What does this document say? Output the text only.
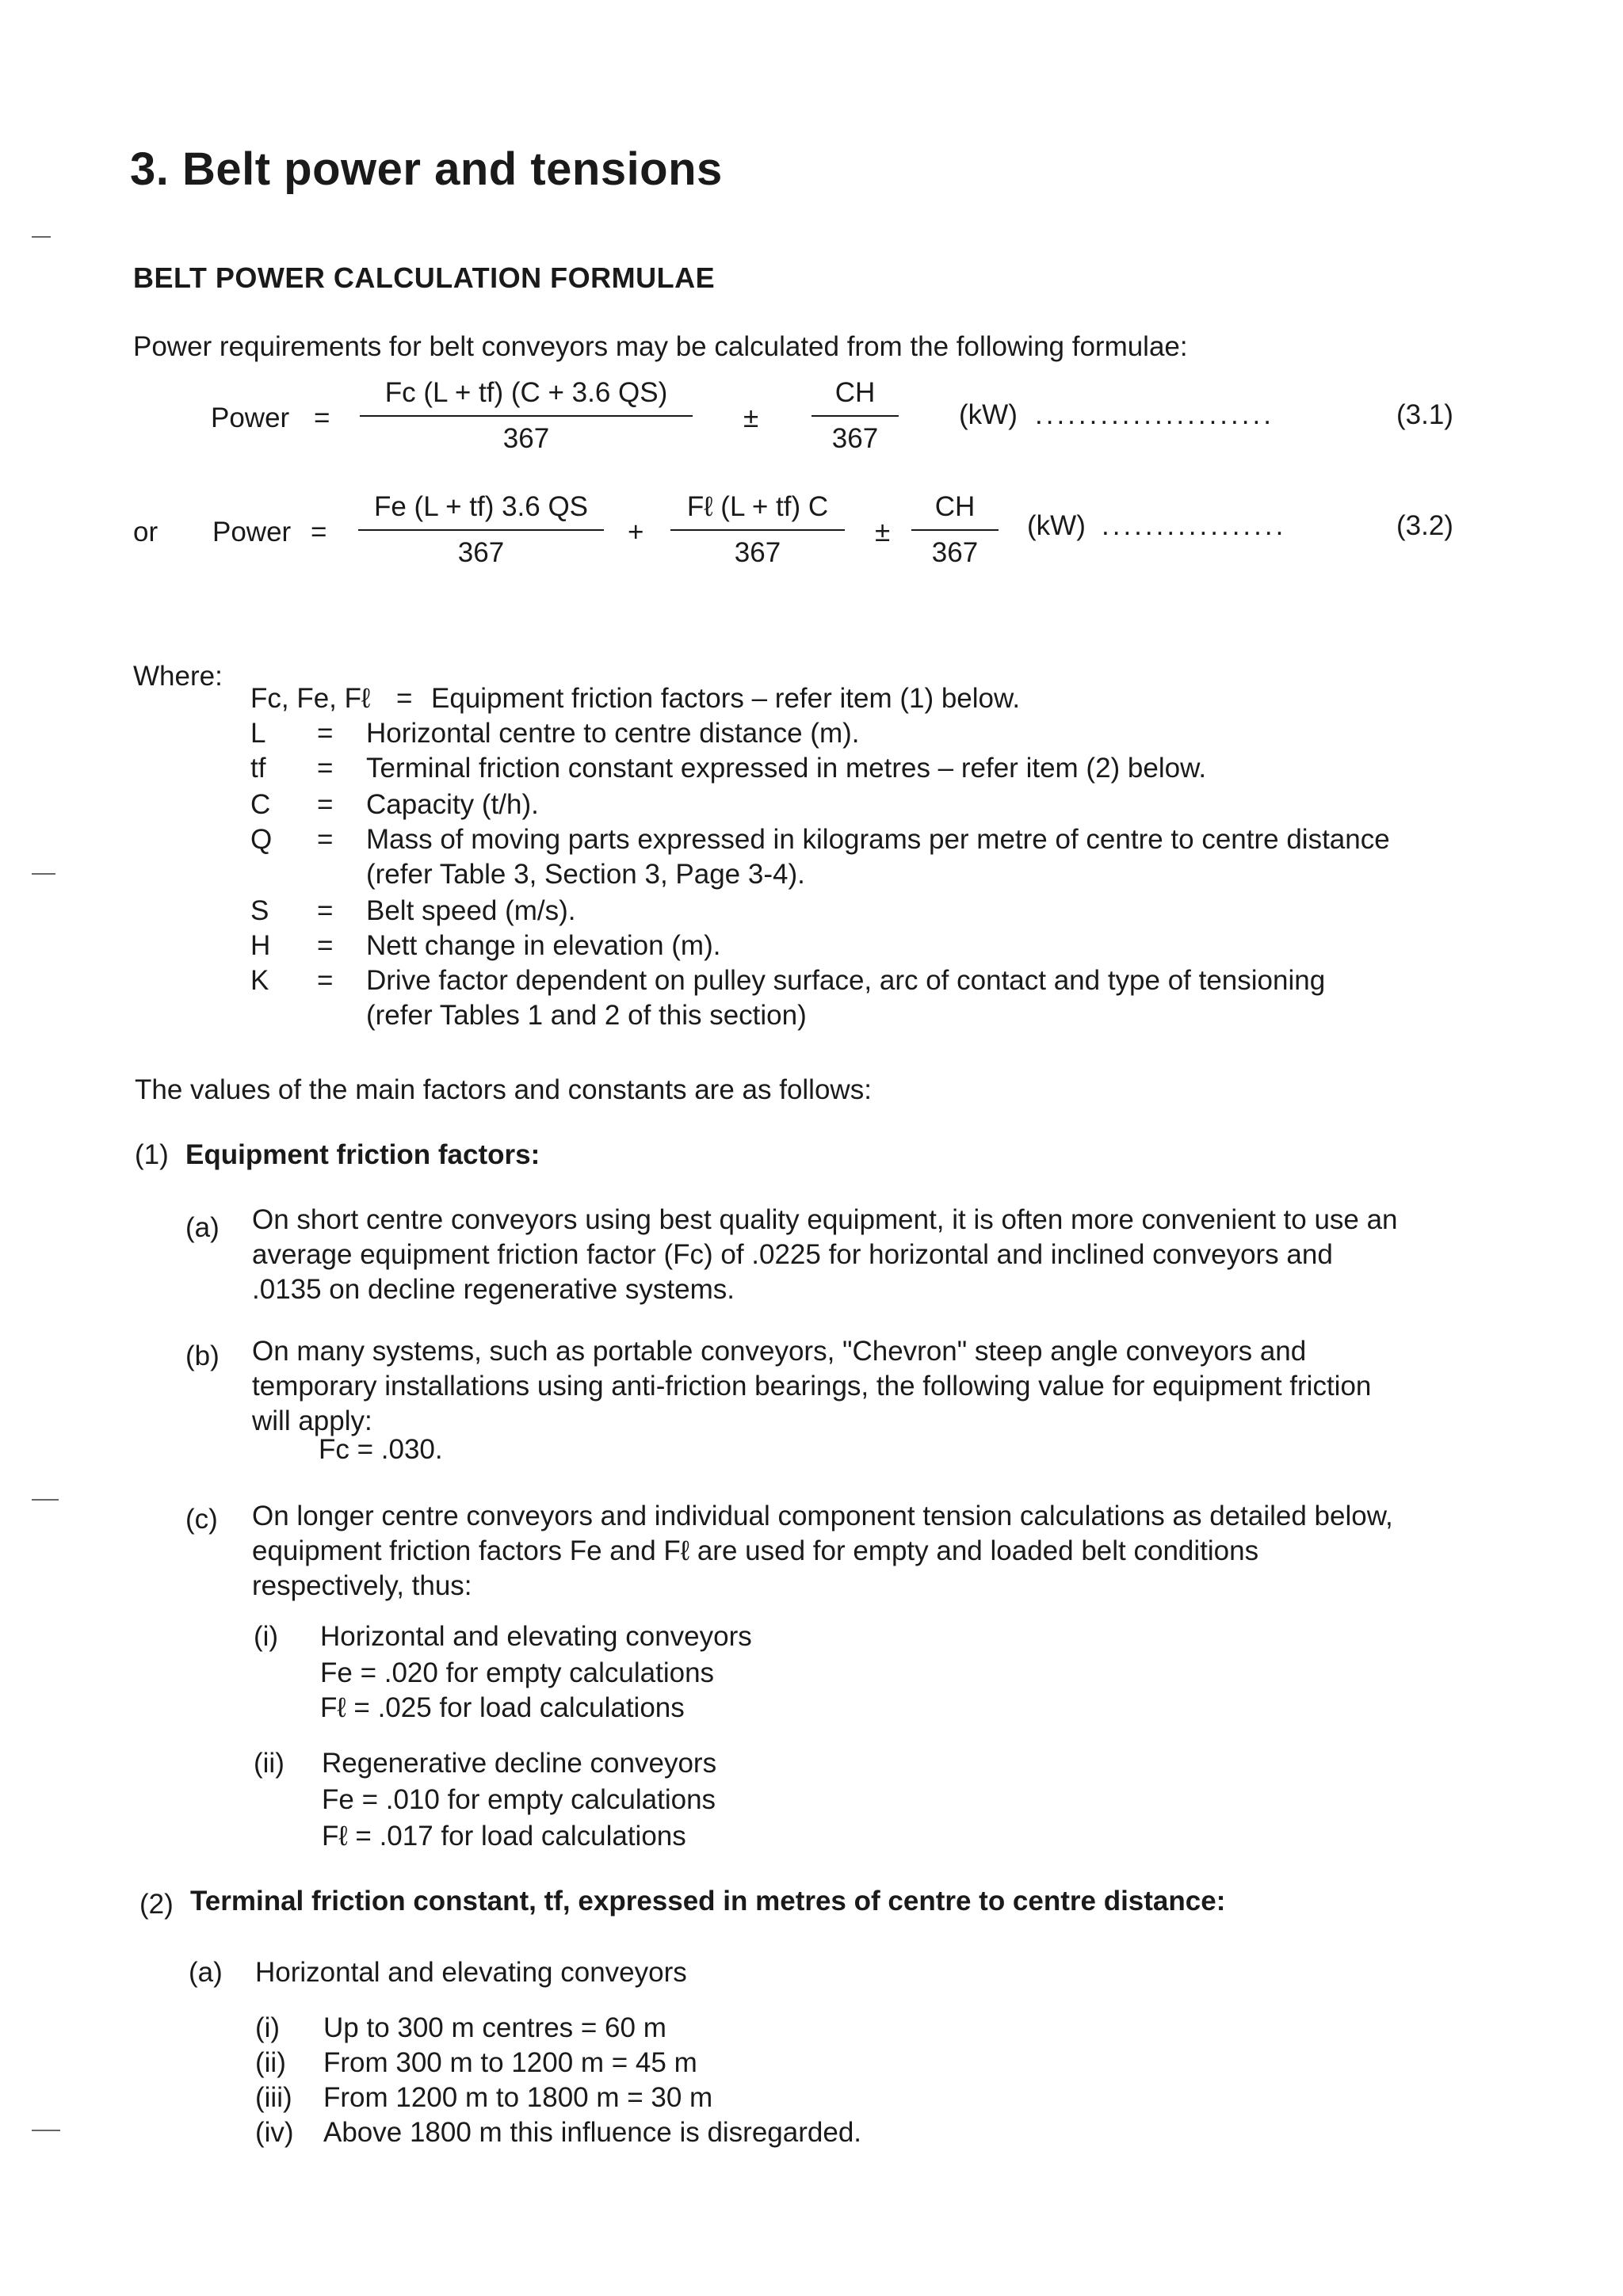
3. Belt power and tensions
BELT POWER CALCULATION FORMULAE
Power requirements for belt conveyors may be calculated from the following formulae:
Power = $\frac{Fc (L + tf) (C + 3.6 QS)}{367} \pm \frac{CH}{367} (kW)$ ......................	(3.1)
or Power = $\frac{Fe (L + tf) 3.6 QS}{367}$ +
Fℓ (L + tf) C
367
± $\frac{CH}{367} (kW)$ .................	(3.2)
Where:
Fc, Fe, Fℓ = Equipment friction factors – refer item (1) below.
L = Horizontal centre to centre distance (m).
tf = Terminal friction constant expressed in metres – refer item (2) below.
C = Capacity (t/h).
Q = Mass of moving parts expressed in kilograms per metre of centre to centre distance
(refer Table 3, Section 3, Page 3-4).
S = Belt speed (m/s).
H = Nett change in elevation (m).
K = Drive factor dependent on pulley surface, arc of contact and type of tensioning
(refer Tables 1 and 2 of this section)
The values of the main factors and constants are as follows:
(1) Equipment friction factors:
(a) On short centre conveyors using best quality equipment, it is often more convenient to use an
average equipment friction factor (Fc) of .0225 for horizontal and inclined conveyors and
.0135 on decline regenerative systems.
(b) On many systems, such as portable conveyors, "Chevron" steep angle conveyors and
temporary installations using anti-friction bearings, the following value for equipment friction
will apply:
Fc = .030.
(c) On longer centre conveyors and individual component tension calculations as detailed below,
equipment friction factors Fe and Fℓ are used for empty and loaded belt conditions
respectively, thus:
(i) Horizontal and elevating conveyors
Fe = .020 for empty calculations
Fℓ = .025 for load calculations
(ii) Regenerative decline conveyors
Fe = .010 for empty calculations
Fℓ = .017 for load calculations
(2) Terminal friction constant, tf, expressed in metres of centre to centre distance:
(a) Horizontal and elevating conveyors
(i) Up to 300 m centres = 60 m
(ii) From 300 m to 1200 m = 45 m
(iii) From 1200 m to 1800 m = 30 m
(iv) Above 1800 m this influence is disregarded.
